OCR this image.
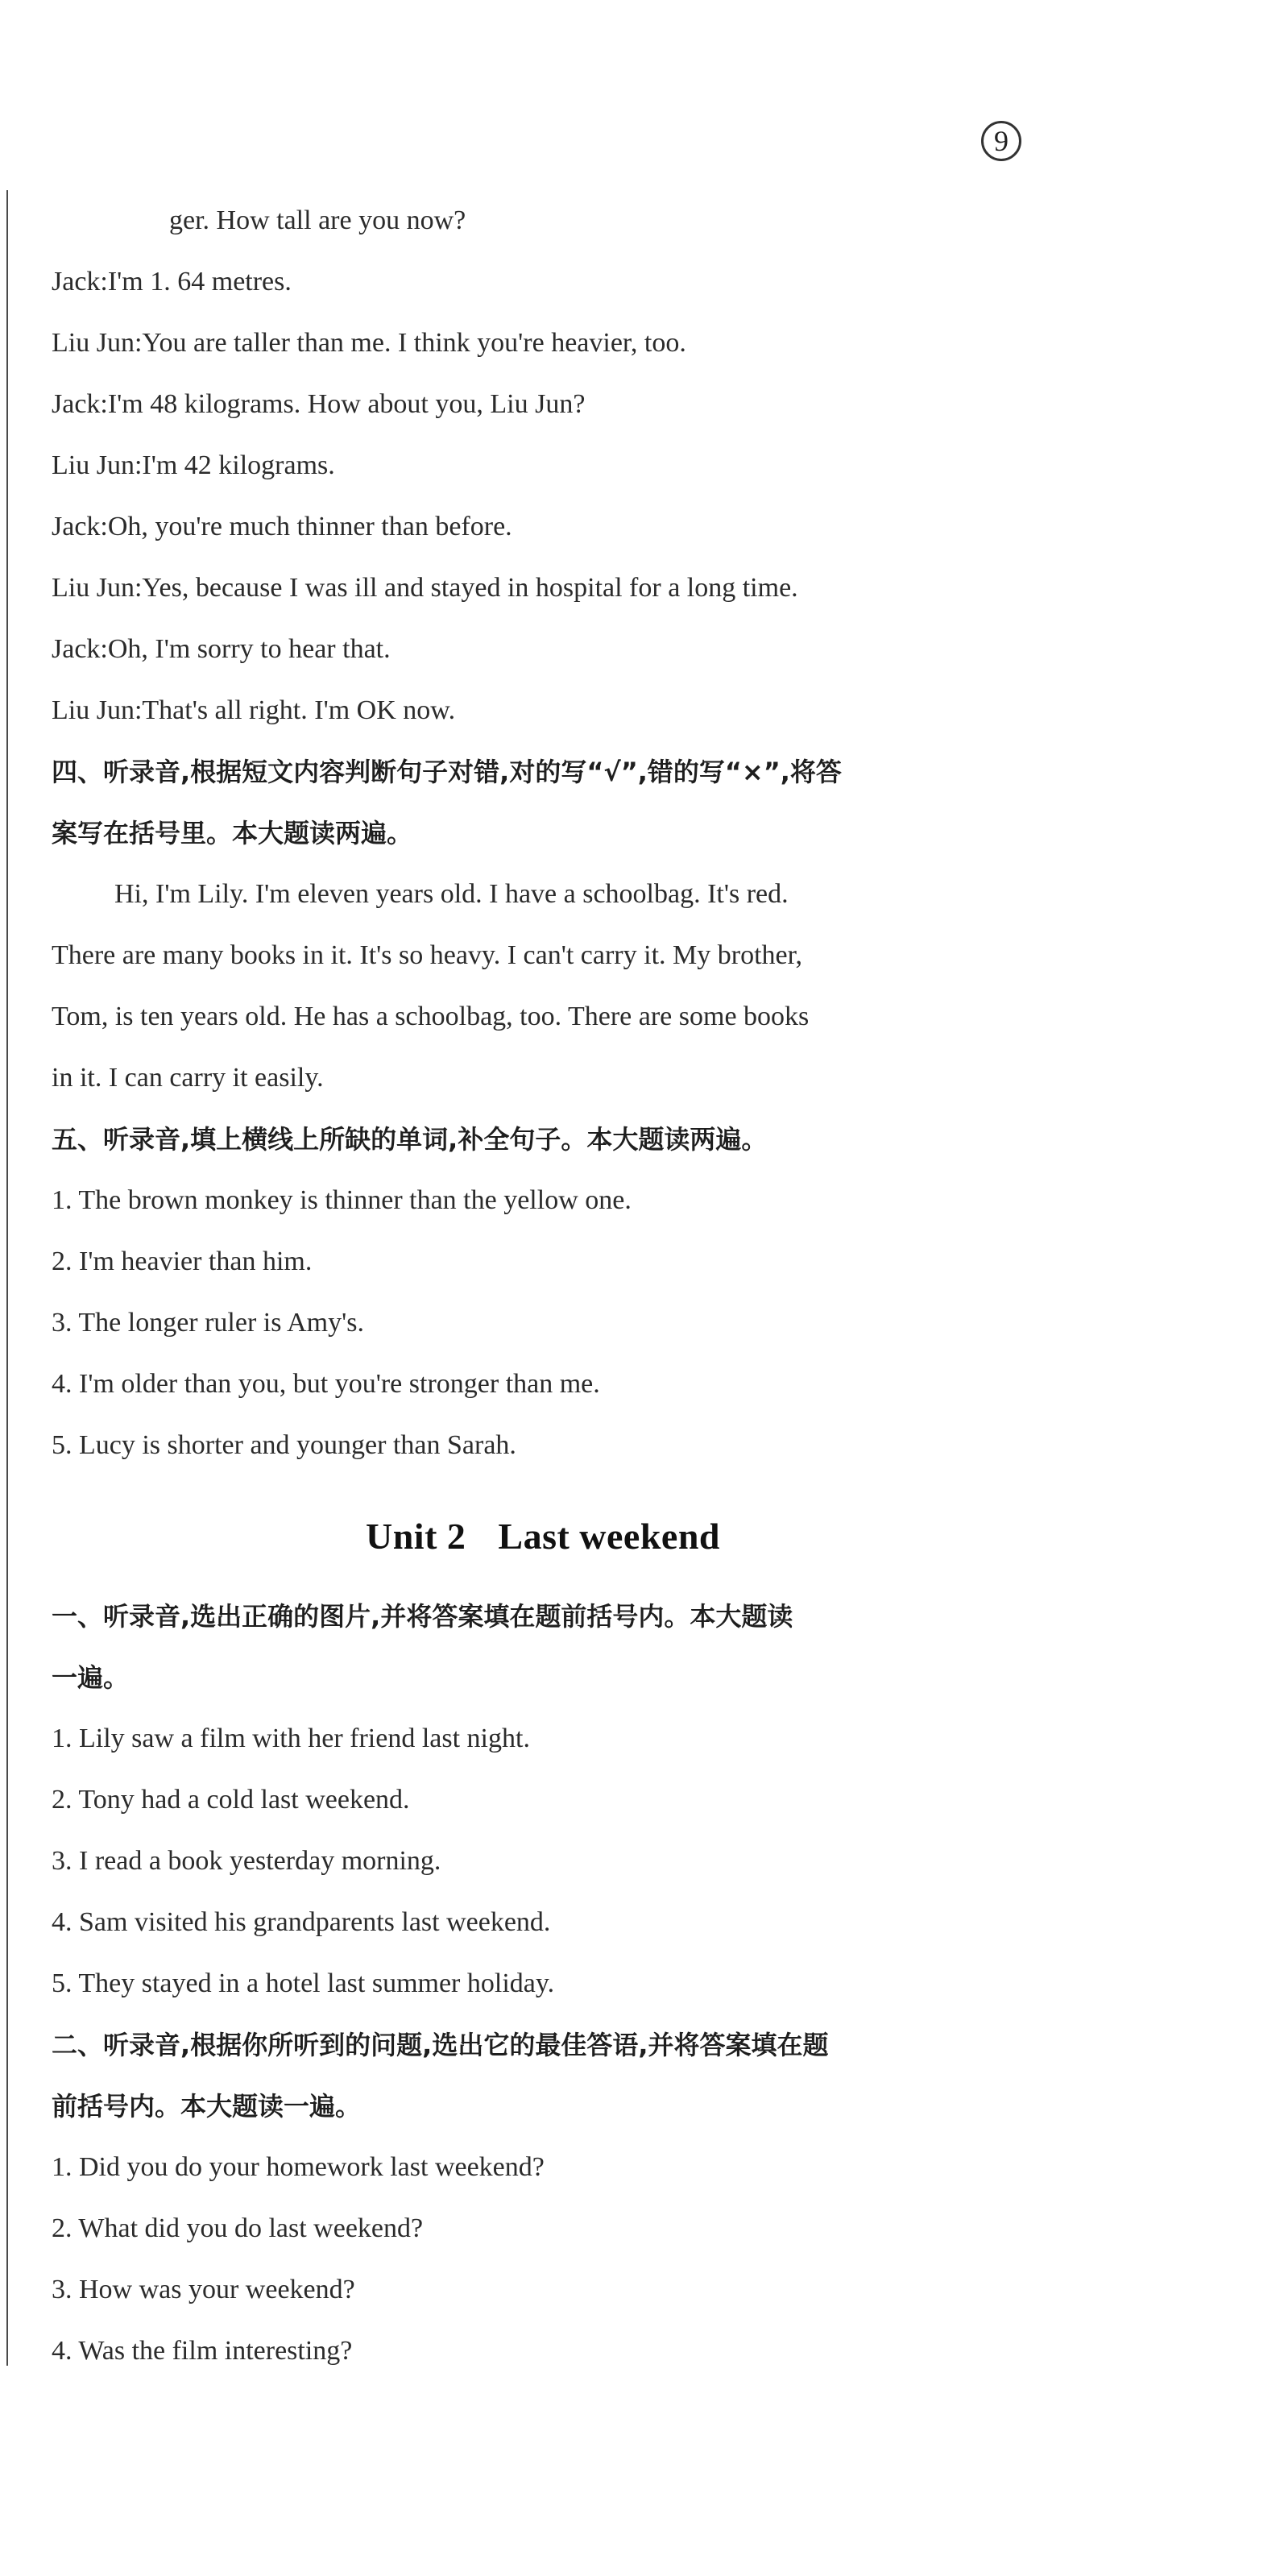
9
ger. How tall are you now?
Jack:I'm 1. 64 metres.
Liu Jun:You are taller than me. I think you're heavier, too.
Jack:I'm 48 kilograms. How about you, Liu Jun?
Liu Jun:I'm 42 kilograms.
Jack:Oh, you're much thinner than before.
Liu Jun:Yes, because I was ill and stayed in hospital for a long time.
Jack:Oh, I'm sorry to hear that.
Liu Jun:That's all right. I'm OK now.
四、听录音,根据短文内容判断句子对错,对的写“√”,错的写“×”,将答
案写在括号里。本大题读两遍。
Hi, I'm Lily. I'm eleven years old. I have a schoolbag. It's red.
There are many books in it. It's so heavy. I can't carry it. My brother,
Tom, is ten years old. He has a schoolbag, too. There are some books
in it. I can carry it easily.
五、听录音,填上横线上所缺的单词,补全句子。本大题读两遍。
1. The brown monkey is thinner than the yellow one.
2. I'm heavier than him.
3. The longer ruler is Amy's.
4. I'm older than you, but you're stronger than me.
5. Lucy is shorter and younger than Sarah.
Unit 2 Last weekend
一、听录音,选出正确的图片,并将答案填在题前括号内。本大题读
一遍。
1. Lily saw a film with her friend last night.
2. Tony had a cold last weekend.
3. I read a book yesterday morning.
4. Sam visited his grandparents last weekend.
5. They stayed in a hotel last summer holiday.
二、听录音,根据你所听到的问题,选出它的最佳答语,并将答案填在题
前括号内。本大题读一遍。
1. Did you do your homework last weekend?
2. What did you do last weekend?
3. How was your weekend?
4. Was the film interesting?
